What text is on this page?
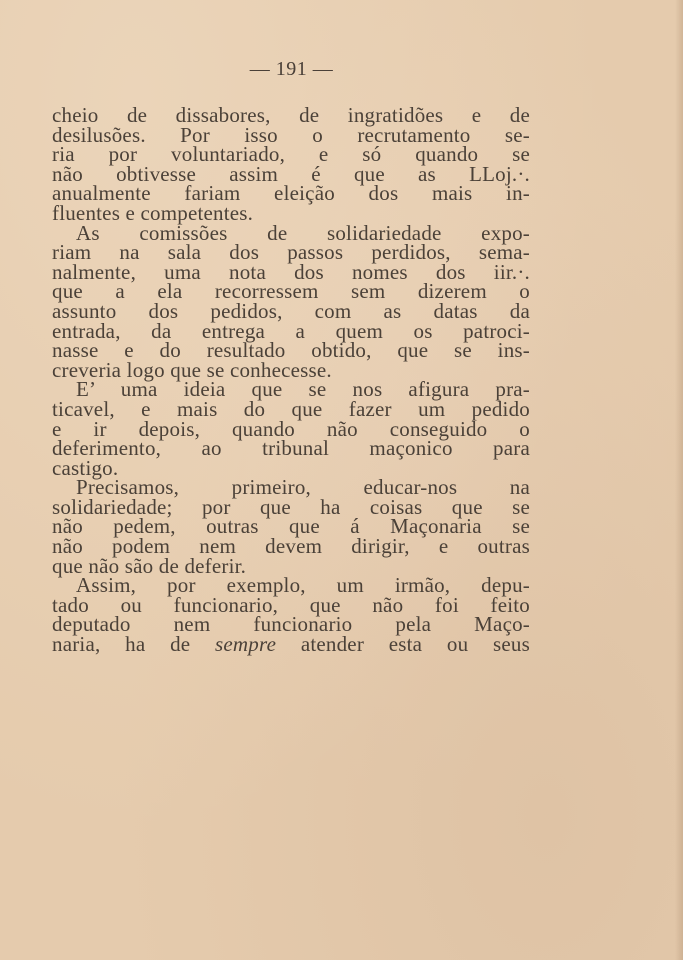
— 191 —
cheio de dissabores, de ingratidões e de
desilusões. Por isso o recrutamento se-
ria por voluntariado, e só quando se
não obtivesse assim é que as LLoj.·.
anualmente fariam eleição dos mais in-
fluentes e competentes.
As comissões de solidariedade expo-
riam na sala dos passos perdidos, sema-
nalmente, uma nota dos nomes dos iir.·.
que a ela recorressem sem dizerem o
assunto dos pedidos, com as datas da
entrada, da entrega a quem os patroci-
nasse e do resultado obtido, que se ins-
creveria logo que se conhecesse.
E’ uma ideia que se nos afigura pra-
ticavel, e mais do que fazer um pedido
e ir depois, quando não conseguido o
deferimento, ao tribunal maçonico para
castigo.
Precisamos, primeiro, educar-nos na
solidariedade; por que ha coisas que se
não pedem, outras que á Maçonaria se
não podem nem devem dirigir, e outras
que não são de deferir.
Assim, por exemplo, um irmão, depu-
tado ou funcionario, que não foi feito
deputado nem funcionario pela Maço-
naria, ha de sempre atender esta ou seus
